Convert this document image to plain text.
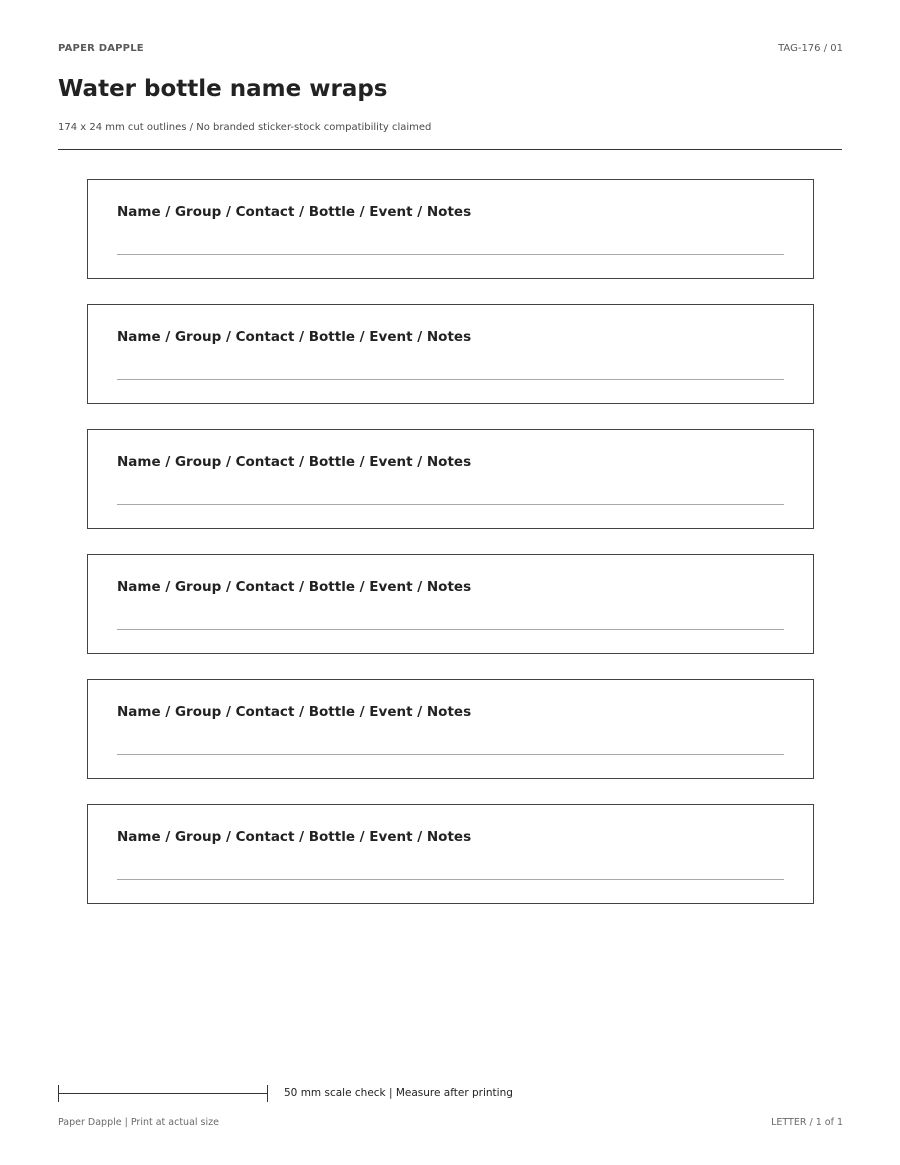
PAPER DAPPLE	TAG-176 / 01
Water bottle name wraps
174 x 24 mm cut outlines / No branded sticker-stock compatibility claimed
Name / Group / Contact / Bottle / Event / Notes
Name / Group / Contact / Bottle / Event / Notes
Name / Group / Contact / Bottle / Event / Notes
Name / Group / Contact / Bottle / Event / Notes
Name / Group / Contact / Bottle / Event / Notes
Name / Group / Contact / Bottle / Event / Notes
50 mm scale check | Measure after printing
Paper Dapple | Print at actual size	LETTER / 1 of 1
